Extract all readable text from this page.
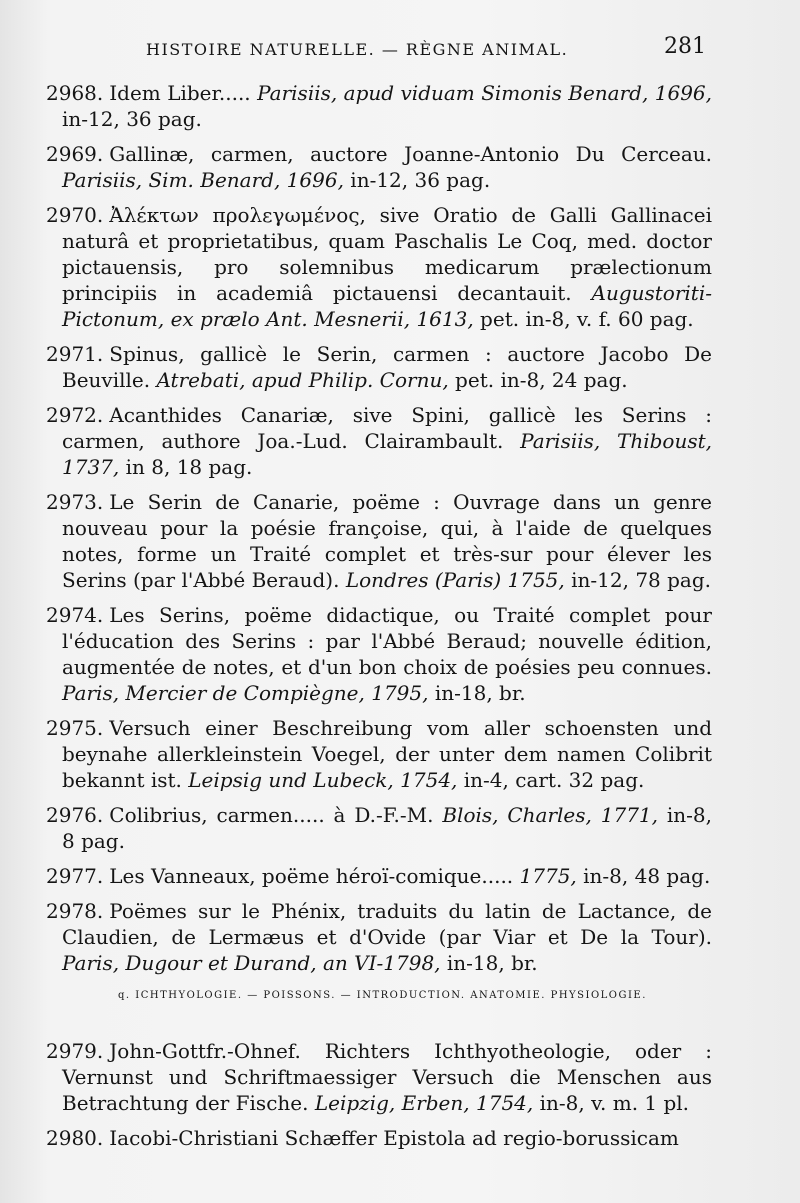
HISTOIRE NATURELLE. — RÈGNE ANIMAL.	281
2968. Idem Liber..... Parisiis, apud viduam Simonis Benard, 1696, in-12, 36 pag.
2969. Gallinæ, carmen, auctore Joanne-Antonio Du Cerceau. Parisiis, Sim. Benard, 1696, in-12, 36 pag.
2970. Ἀλέκτων προλεγωμένος, sive Oratio de Galli Gallinacei naturâ et proprietatibus, quam Paschalis Le Coq, med. doctor pictauensis, pro solemnibus medicarum prælectionum principiis in academiâ pictauensi decantauit. Augustoriti-Pictonum, ex prælo Ant. Mesnerii, 1613, pet. in-8, v. f. 60 pag.
2971. Spinus, gallicè le Serin, carmen : auctore Jacobo De Beuville. Atrebati, apud Philip. Cornu, pet. in-8, 24 pag.
2972. Acanthides Canariæ, sive Spini, gallicè les Serins : carmen, authore Joa.-Lud. Clairambault. Parisiis, Thiboust, 1737, in 8, 18 pag.
2973. Le Serin de Canarie, poëme : Ouvrage dans un genre nouveau pour la poésie françoise, qui, à l'aide de quelques notes, forme un Traité complet et très-sur pour élever les Serins (par l'Abbé Beraud). Londres (Paris) 1755, in-12, 78 pag.
2974. Les Serins, poëme didactique, ou Traité complet pour l'éducation des Serins : par l'Abbé Beraud; nouvelle édition, augmentée de notes, et d'un bon choix de poésies peu connues. Paris, Mercier de Compiègne, 1795, in-18, br.
2975. Versuch einer Beschreibung vom aller schoensten und beynahe allerkleinstein Voegel, der unter dem namen Colibrit bekannt ist. Leipsig und Lubeck, 1754, in-4, cart. 32 pag.
2976. Colibrius, carmen..... à D.-F.-M. Blois, Charles, 1771, in-8, 8 pag.
2977. Les Vanneaux, poëme héroï-comique..... 1775, in-8, 48 pag.
2978. Poëmes sur le Phénix, traduits du latin de Lactance, de Claudien, de Lermæus et d'Ovide (par Viar et De la Tour). Paris, Dugour et Durand, an VI-1798, in-18, br.
q. ICHTHYOLOGIE. — POISSONS. — INTRODUCTION. ANATOMIE. PHYSIOLOGIE.
2979. John-Gottfr.-Ohnef. Richters Ichthyotheologie, oder : Vernunst und Schriftmaessiger Versuch die Menschen aus Betrachtung der Fische. Leipzig, Erben, 1754, in-8, v. m. 1 pl.
2980. Iacobi-Christiani Schæffer Epistola ad regio-borussicam
